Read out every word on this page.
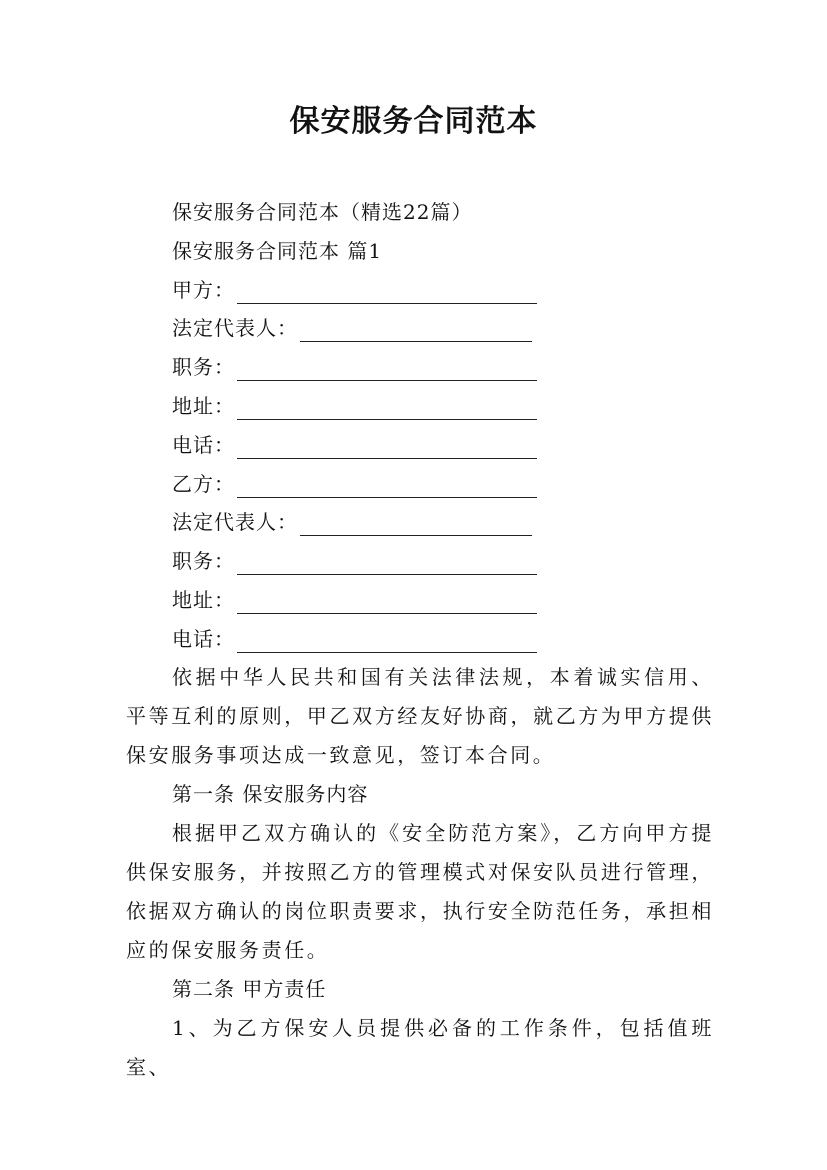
保安服务合同范本
保安服务合同范本（精选22篇）
保安服务合同范本 篇1
甲方：
法定代表人：
职务：
地址：
电话：
乙方：
法定代表人：
职务：
地址：
电话：

依据中华人民共和国有关法律法规，本着诚实信用、平等互利的原则，甲乙双方经友好协商，就乙方为甲方提供保安服务事项达成一致意见，签订本合同。

第一条 保安服务内容

根据甲乙双方确认的《安全防范方案》，乙方向甲方提供保安服务，并按照乙方的管理模式对保安队员进行管理，依据双方确认的岗位职责要求，执行安全防范任务，承担相应的保安服务责任。

第二条 甲方责任

1、为乙方保安人员提供必备的工作条件，包括值班室、
